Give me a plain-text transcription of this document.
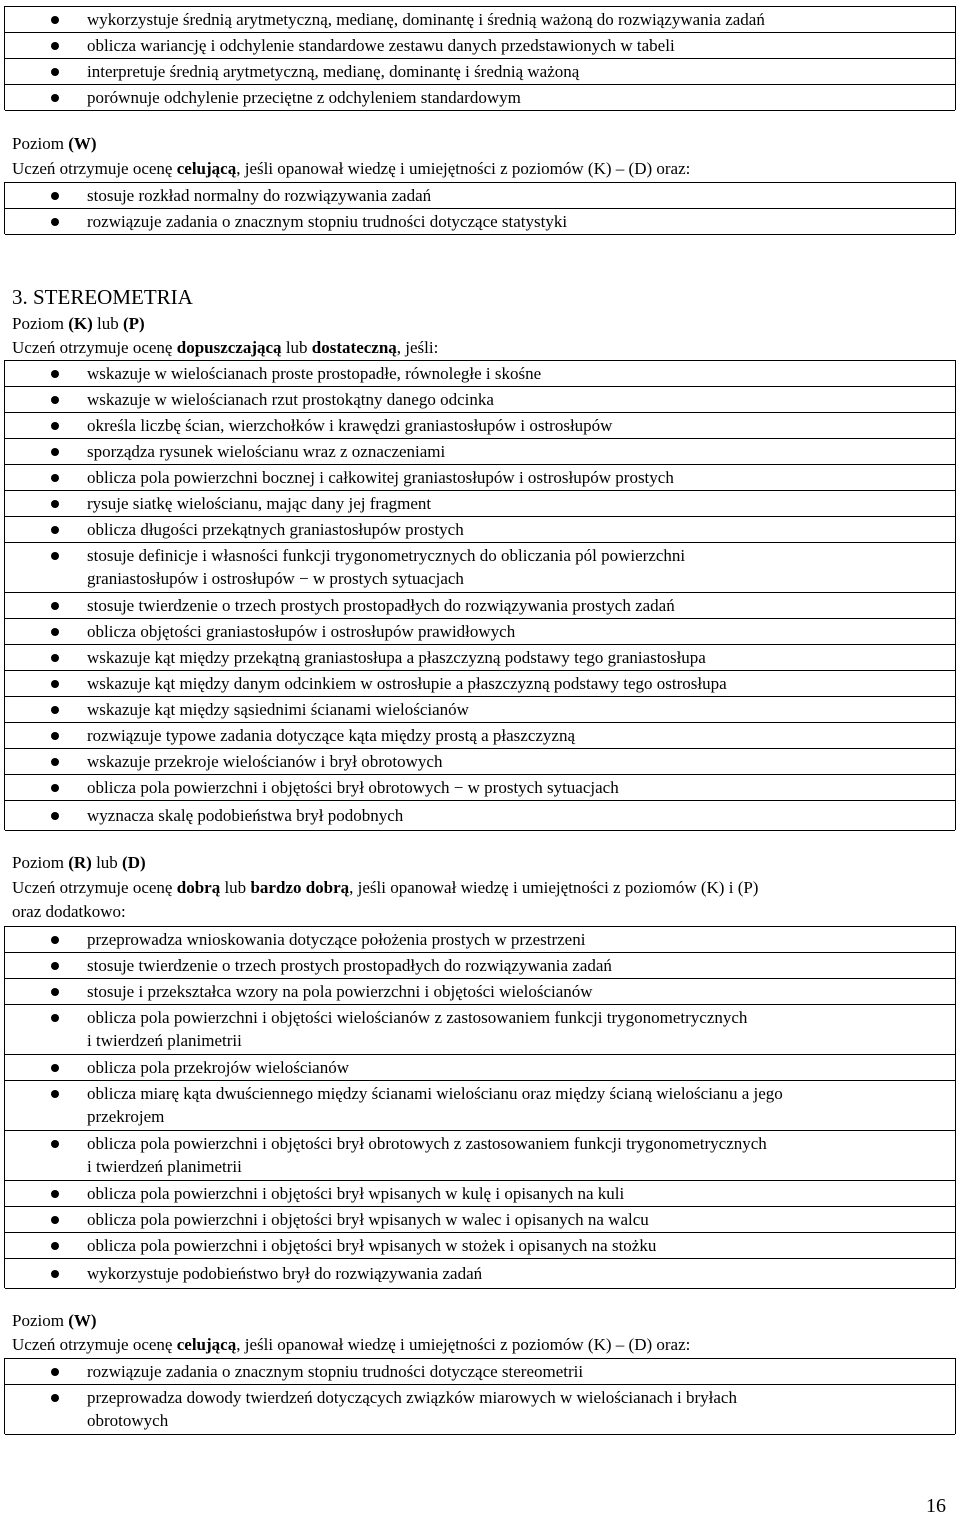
wykorzystuje średnią arytmetyczną, medianę, dominantę i średnią ważoną do rozwiązywania zadań
oblicza wariancję i odchylenie standardowe zestawu danych przedstawionych w tabeli
interpretuje średnią arytmetyczną, medianę, dominantę i średnią ważoną
porównuje odchylenie przeciętne z odchyleniem standardowym
Poziom (W)
Uczeń otrzymuje ocenę celującą, jeśli opanował wiedzę i umiejętności z poziomów (K) – (D) oraz:
stosuje rozkład normalny do rozwiązywania zadań
rozwiązuje zadania o znacznym stopniu trudności dotyczące statystyki
3. STEREOMETRIA
Poziom (K) lub (P)
Uczeń otrzymuje ocenę dopuszczającą lub dostateczną, jeśli:
wskazuje w wielościanach proste prostopadłe, równoległe i skośne
wskazuje w wielościanach rzut prostokątny danego odcinka
określa liczbę ścian, wierzchołków i krawędzi graniastosłupów i ostrosłupów
sporządza rysunek wielościanu wraz z oznaczeniami
oblicza pola powierzchni bocznej i całkowitej graniastosłupów i ostrosłupów prostych
rysuje siatkę wielościanu, mając dany jej fragment
oblicza długości przekątnych graniastosłupów prostych
stosuje definicje i własności funkcji trygonometrycznych do obliczania pól powierzchni
graniastosłupów i ostrosłupów − w prostych sytuacjach
stosuje twierdzenie o trzech prostych prostopadłych do rozwiązywania prostych zadań
oblicza objętości graniastosłupów i ostrosłupów prawidłowych
wskazuje kąt między przekątną graniastosłupa a płaszczyzną podstawy tego graniastosłupa
wskazuje kąt między danym odcinkiem w ostrosłupie a płaszczyzną podstawy tego ostrosłupa
wskazuje kąt między sąsiednimi ścianami wielościanów
rozwiązuje typowe zadania dotyczące kąta między prostą a płaszczyzną
wskazuje przekroje wielościanów i brył obrotowych
oblicza pola powierzchni i objętości brył obrotowych − w prostych sytuacjach
wyznacza skalę podobieństwa brył podobnych
Poziom (R) lub (D)
Uczeń otrzymuje ocenę dobrą lub bardzo dobrą, jeśli opanował wiedzę i umiejętności z poziomów (K) i (P)
oraz dodatkowo:
przeprowadza wnioskowania dotyczące położenia prostych w przestrzeni
stosuje twierdzenie o trzech prostych prostopadłych do rozwiązywania zadań
stosuje i przekształca wzory na pola powierzchni i objętości wielościanów
oblicza pola powierzchni i objętości wielościanów z zastosowaniem funkcji trygonometrycznych
i twierdzeń planimetrii
oblicza pola przekrojów wielościanów
oblicza miarę kąta dwuściennego między ścianami wielościanu oraz między ścianą wielościanu a jego
przekrojem
oblicza pola powierzchni i objętości brył obrotowych z zastosowaniem funkcji trygonometrycznych
i twierdzeń planimetrii
oblicza pola powierzchni i objętości brył wpisanych w kulę i opisanych na kuli
oblicza pola powierzchni i objętości brył wpisanych w walec i opisanych na walcu
oblicza pola powierzchni i objętości brył wpisanych w stożek i opisanych na stożku
wykorzystuje podobieństwo brył do rozwiązywania zadań
Poziom (W)
Uczeń otrzymuje ocenę celującą, jeśli opanował wiedzę i umiejętności z poziomów (K) – (D) oraz:
rozwiązuje zadania o znacznym stopniu trudności dotyczące stereometrii
przeprowadza dowody twierdzeń dotyczących związków miarowych w wielościanach i bryłach
obrotowych
16
